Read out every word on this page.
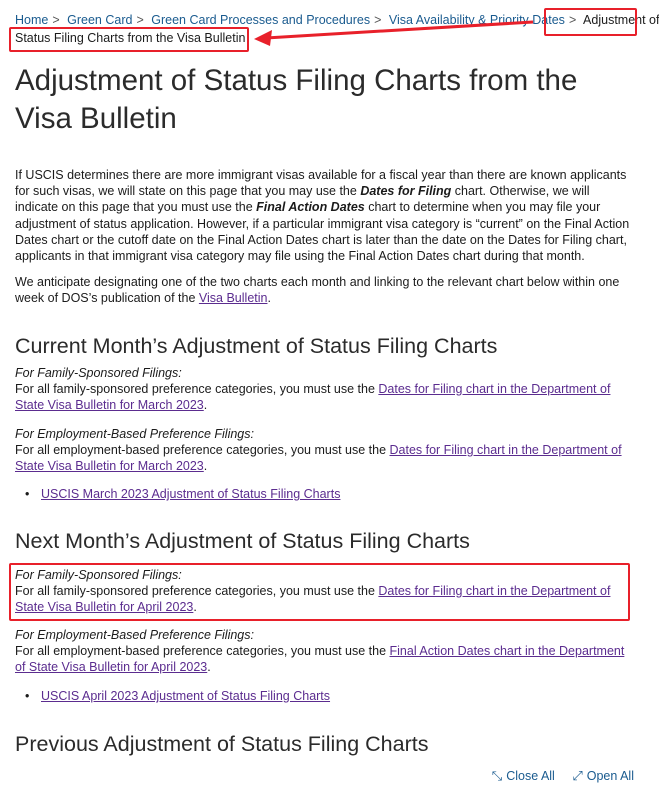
Home > Green Card > Green Card Processes and Procedures > Visa Availability & Priority Dates > Adjustment of
Status Filing Charts from the Visa Bulletin
Adjustment of Status Filing Charts from the Visa Bulletin

If USCIS determines there are more immigrant visas available for a fiscal year than there are known applicants for such visas, we will state on this page that you may use the Dates for Filing chart. Otherwise, we will indicate on this page that you must use the Final Action Dates chart to determine when you may file your adjustment of status application. However, if a particular immigrant visa category is “current” on the Final Action Dates chart or the cutoff date on the Final Action Dates chart is later than the date on the Dates for Filing chart, applicants in that immigrant visa category may file using the Final Action Dates chart during that month.

We anticipate designating one of the two charts each month and linking to the relevant chart below within one week of DOS’s publication of the Visa Bulletin.

Current Month’s Adjustment of Status Filing Charts
For Family-Sponsored Filings:
For all family-sponsored preference categories, you must use the Dates for Filing chart in the Department of State Visa Bulletin for March 2023.
For Employment-Based Preference Filings:
For all employment-based preference categories, you must use the Dates for Filing chart in the Department of State Visa Bulletin for March 2023.
• USCIS March 2023 Adjustment of Status Filing Charts
Next Month’s Adjustment of Status Filing Charts
For Family-Sponsored Filings:
For all family-sponsored preference categories, you must use the Dates for Filing chart in the Department of State Visa Bulletin for April 2023.
For Employment-Based Preference Filings:
For all employment-based preference categories, you must use the Final Action Dates chart in the Department of State Visa Bulletin for April 2023.
• USCIS April 2023 Adjustment of Status Filing Charts
Previous Adjustment of Status Filing Charts
⤡ Close All ⤢ Open All
